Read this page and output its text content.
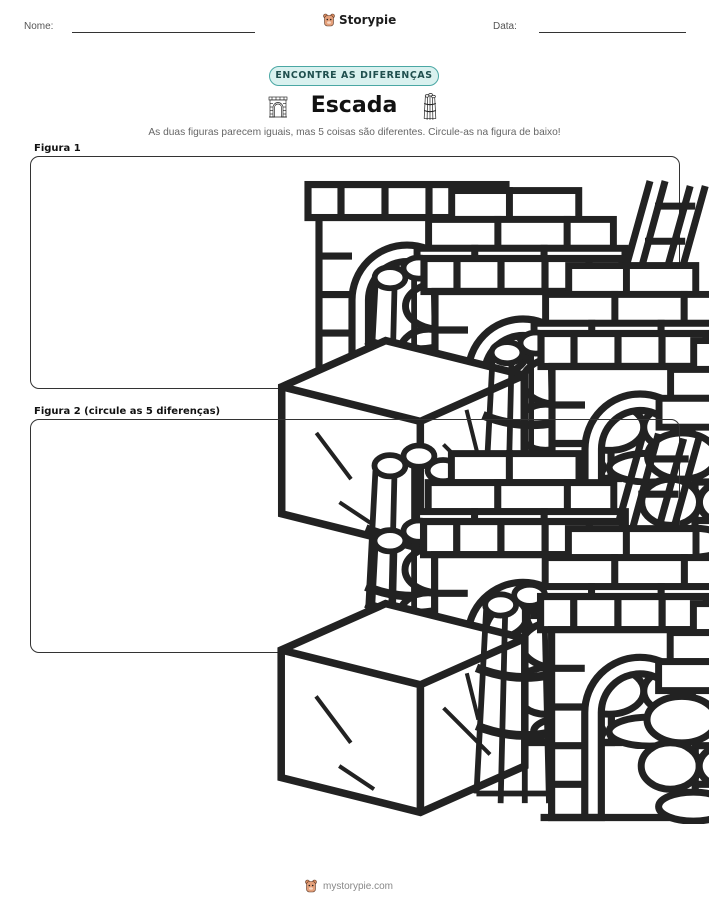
Nome:	Storypie	Data:
ENCONTRE AS DIFERENÇAS
Escada
As duas figuras parecem iguais, mas 5 coisas são diferentes. Circule-as na figura de baixo!
Figura 1
Figura 2 (circule as 5 diferenças)
mystorypie.com
